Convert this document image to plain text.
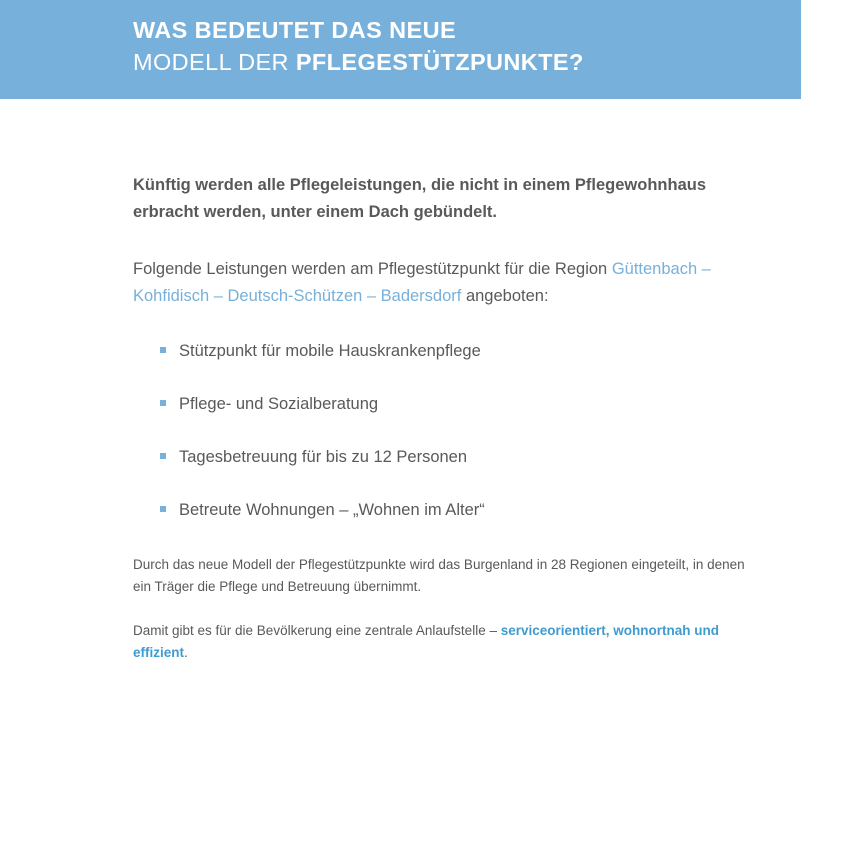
WAS BEDEUTET DAS NEUE
MODELL DER PFLEGESTÜTZPUNKTE?

Künftig werden alle Pflegeleistungen, die nicht in einem Pflegewohnhaus erbracht werden, unter einem Dach gebündelt.

Folgende Leistungen werden am Pflegestützpunkt für die Region Güttenbach – Kohfidisch – Deutsch-Schützen – Badersdorf angeboten:

Stützpunkt für mobile Hauskrankenpflege
Pflege- und Sozialberatung
Tagesbetreuung für bis zu 12 Personen
Betreute Wohnungen – „Wohnen im Alter“

Durch das neue Modell der Pflegestützpunkte wird das Burgenland in 28 Regionen eingeteilt, in denen ein Träger die Pflege und Betreuung übernimmt.

Damit gibt es für die Bevölkerung eine zentrale Anlaufstelle – serviceorientiert, wohnortnah und effizient.
